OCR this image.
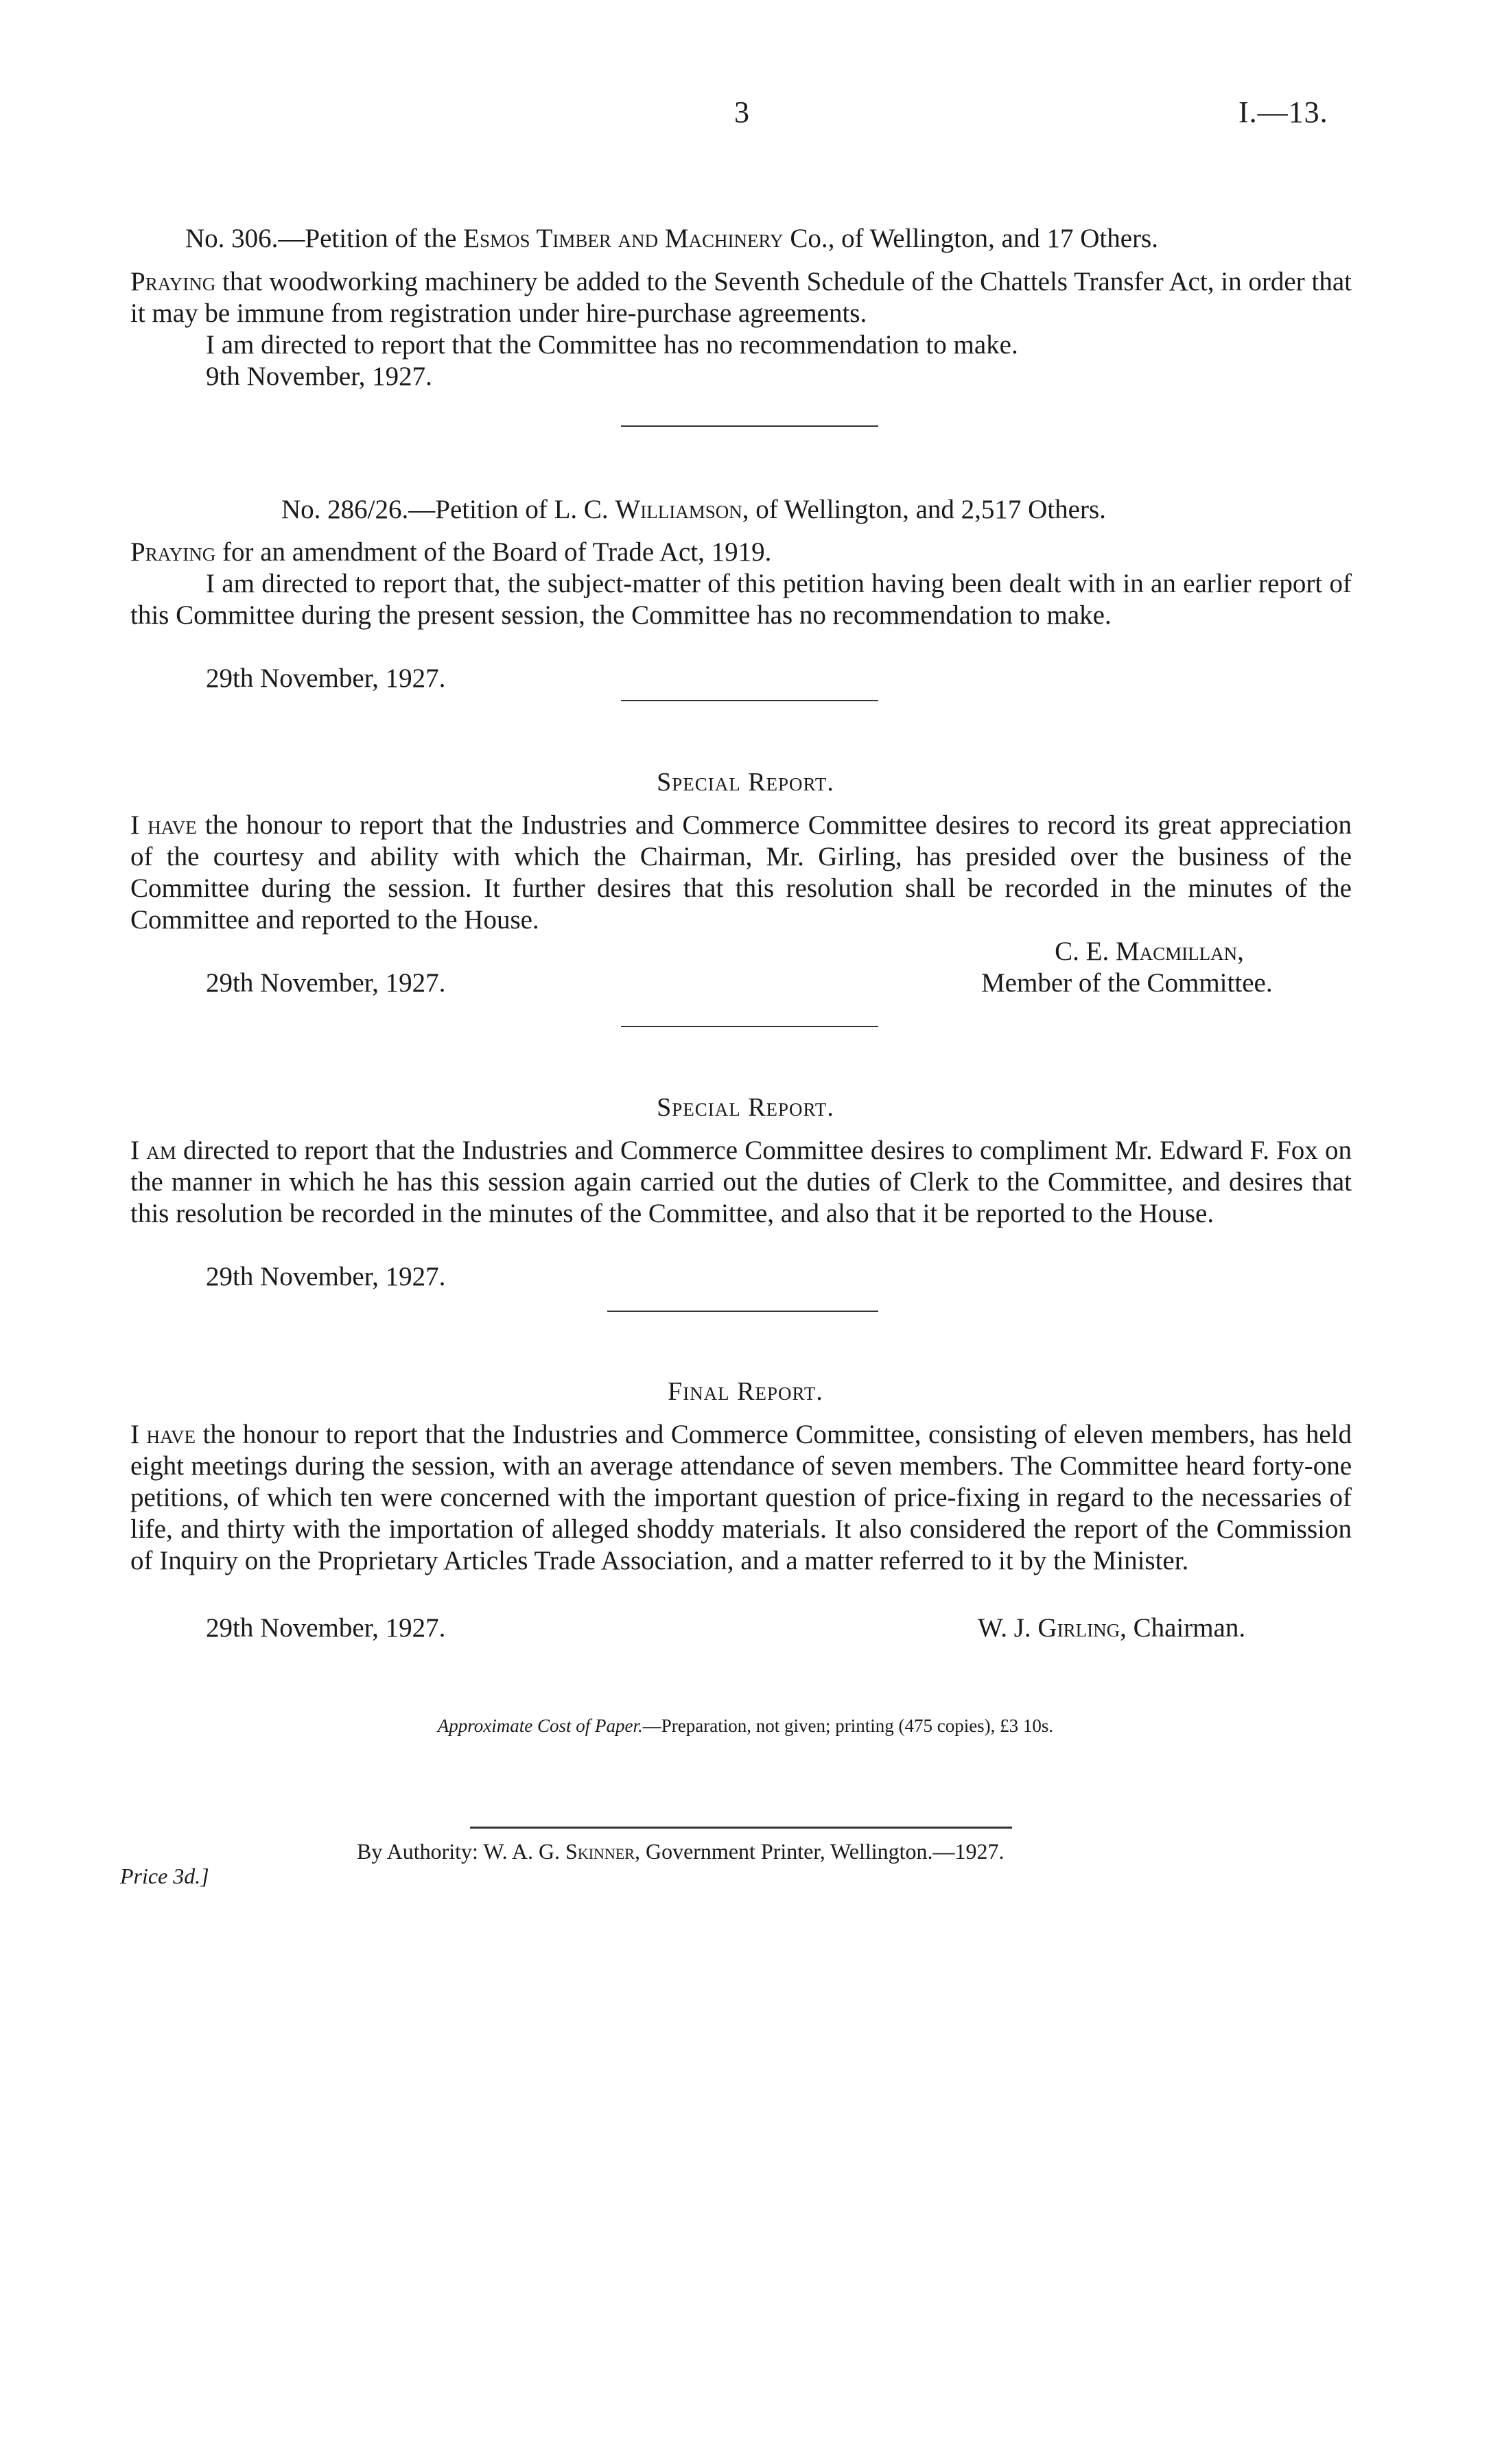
3	I.—13.
No. 306.—Petition of the Esmos Timber and Machinery Co., of Wellington, and 17 Others.

Praying that woodworking machinery be added to the Seventh Schedule of the Chattels Transfer Act, in order that it may be immune from registration under hire-purchase agreements.

I am directed to report that the Committee has no recommendation to make.

9th November, 1927.

No. 286/26.—Petition of L. C. Williamson, of Wellington, and 2,517 Others.

Praying for an amendment of the Board of Trade Act, 1919.

I am directed to report that, the subject-matter of this petition having been dealt with in an earlier report of this Committee during the present session, the Committee has no recommendation to make.

29th November, 1927.

Special Report.

I have the honour to report that the Industries and Commerce Committee desires to record its great appreciation of the courtesy and ability with which the Chairman, Mr. Girling, has presided over the business of the Committee during the session. It further desires that this resolution shall be recorded in the minutes of the Committee and reported to the House.

C. E. Macmillan,
29th November, 1927.	Member of the Committee.
Special Report.

I am directed to report that the Industries and Commerce Committee desires to compliment Mr. Edward F. Fox on the manner in which he has this session again carried out the duties of Clerk to the Committee, and desires that this resolution be recorded in the minutes of the Committee, and also that it be reported to the House.

29th November, 1927.

Final Report.

I have the honour to report that the Industries and Commerce Committee, consisting of eleven members, has held eight meetings during the session, with an average attendance of seven members. The Committee heard forty-one petitions, of which ten were concerned with the important question of price-fixing in regard to the necessaries of life, and thirty with the importation of alleged shoddy materials. It also considered the report of the Commission of Inquiry on the Proprietary Articles Trade Association, and a matter referred to it by the Minister.

29th November, 1927.	W. J. Girling, Chairman.
Approximate Cost of Paper.—Preparation, not given; printing (475 copies), £3 10s.
By Authority: W. A. G. Skinner, Government Printer, Wellington.—1927.
Price 3d.]
